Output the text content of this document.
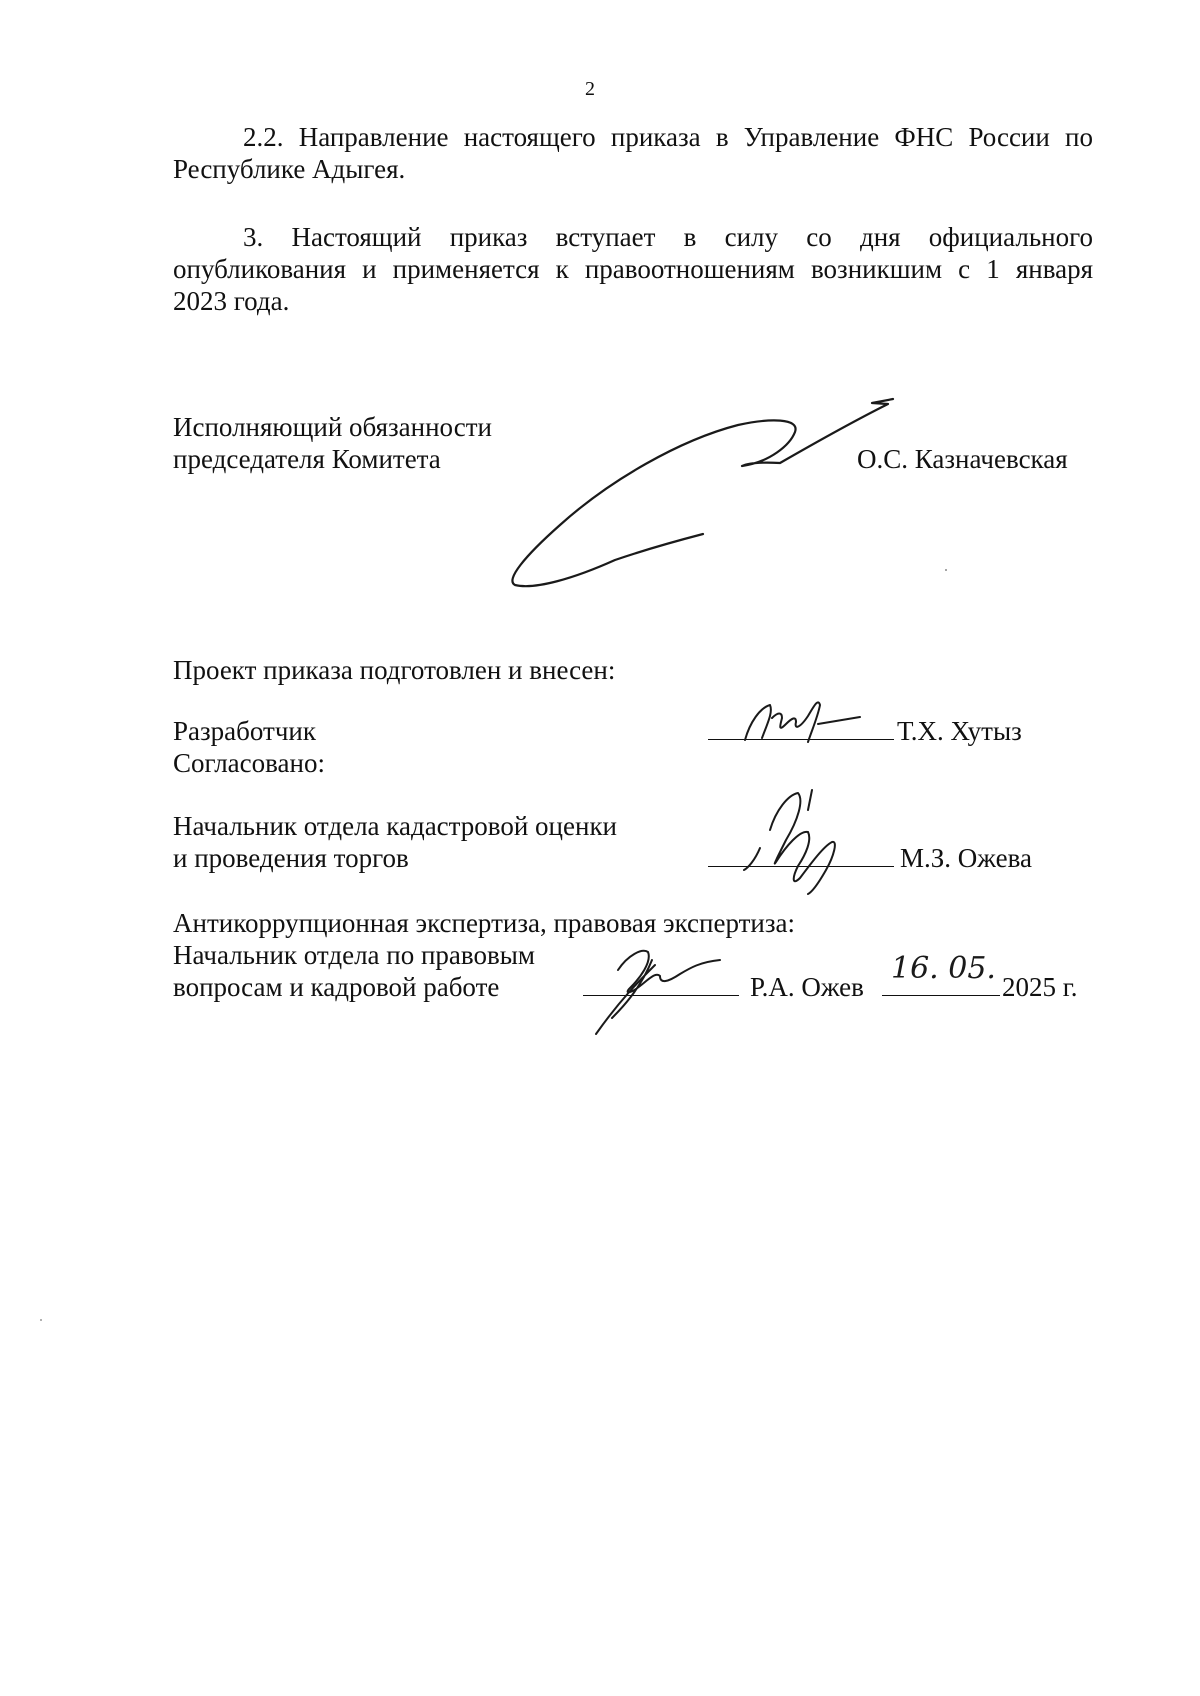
2
2.2. Направление настоящего приказа в Управление ФНС России по
Республике Адыгея.
3. Настоящий приказ вступает в силу со дня официального
опубликования и применяется к правоотношениям возникшим с 1 января
2023 года.
Исполняющий обязанности
председателя Комитета	О.С. Казначевская
Проект приказа подготовлен и внесен:
Разработчик
Согласовано:
Т.Х. Хутыз
Начальник отдела кадастровой оценки
и проведения торгов	М.З. Ожева
Антикоррупционная экспертиза, правовая экспертиза:
Начальник отдела по правовым
вопросам и кадровой работе	Р.А. Ожев
16. 05.
2025 г.
